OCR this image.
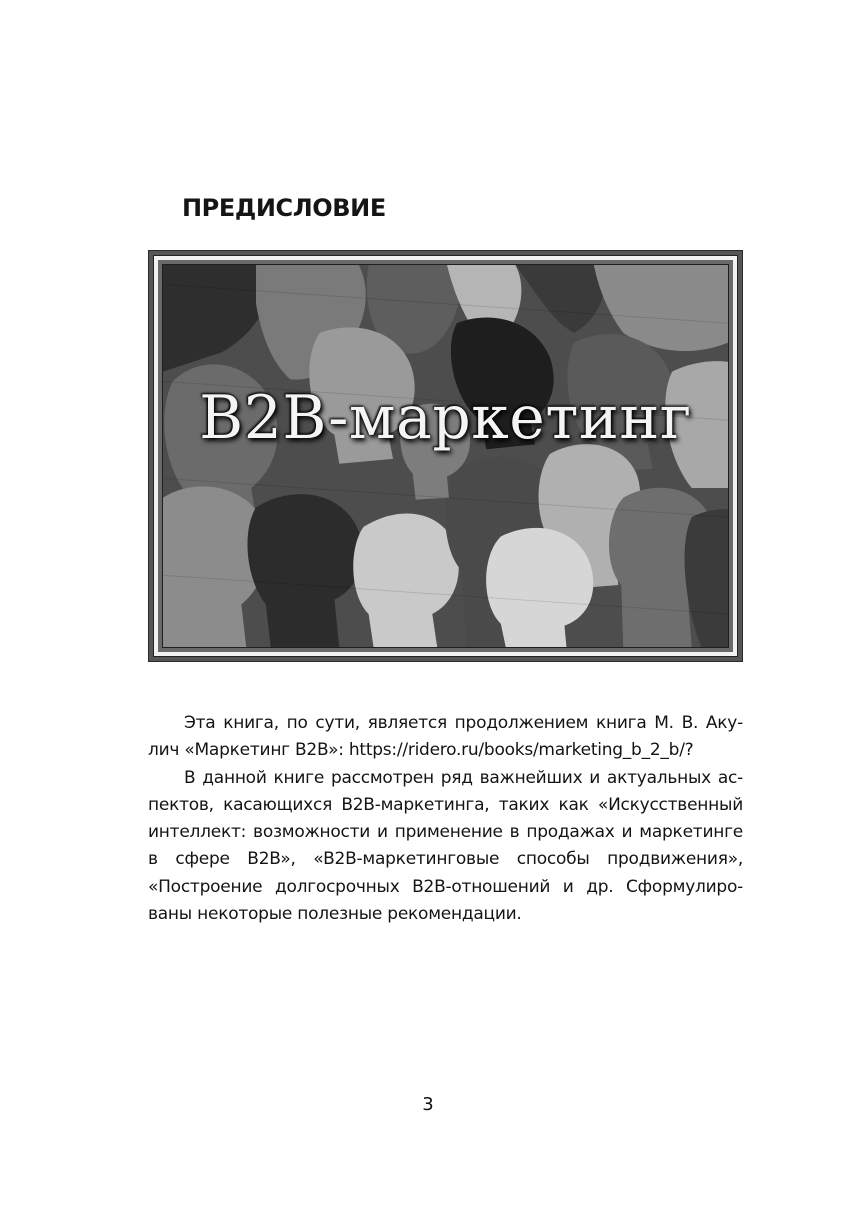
ПРЕДИСЛОВИЕ
B2B-маркетинг
Эта книга, по сути, является продолжением книга М. В. Аку-
лич «Маркетинг B2B»: https://ridero.ru/books/marketing_b_2_b/?
В данной книге рассмотрен ряд важнейших и актуальных ас-
пектов, касающихся B2B-маркетинга, таких как «Искусственный
интеллект: возможности и применение в продажах и маркетинге
в сфере B2B», «B2B-маркетинговые способы продвижения»,
«Построение долгосрочных B2B-отношений и др. Сформулиро-
ваны некоторые полезные рекомендации.
3
